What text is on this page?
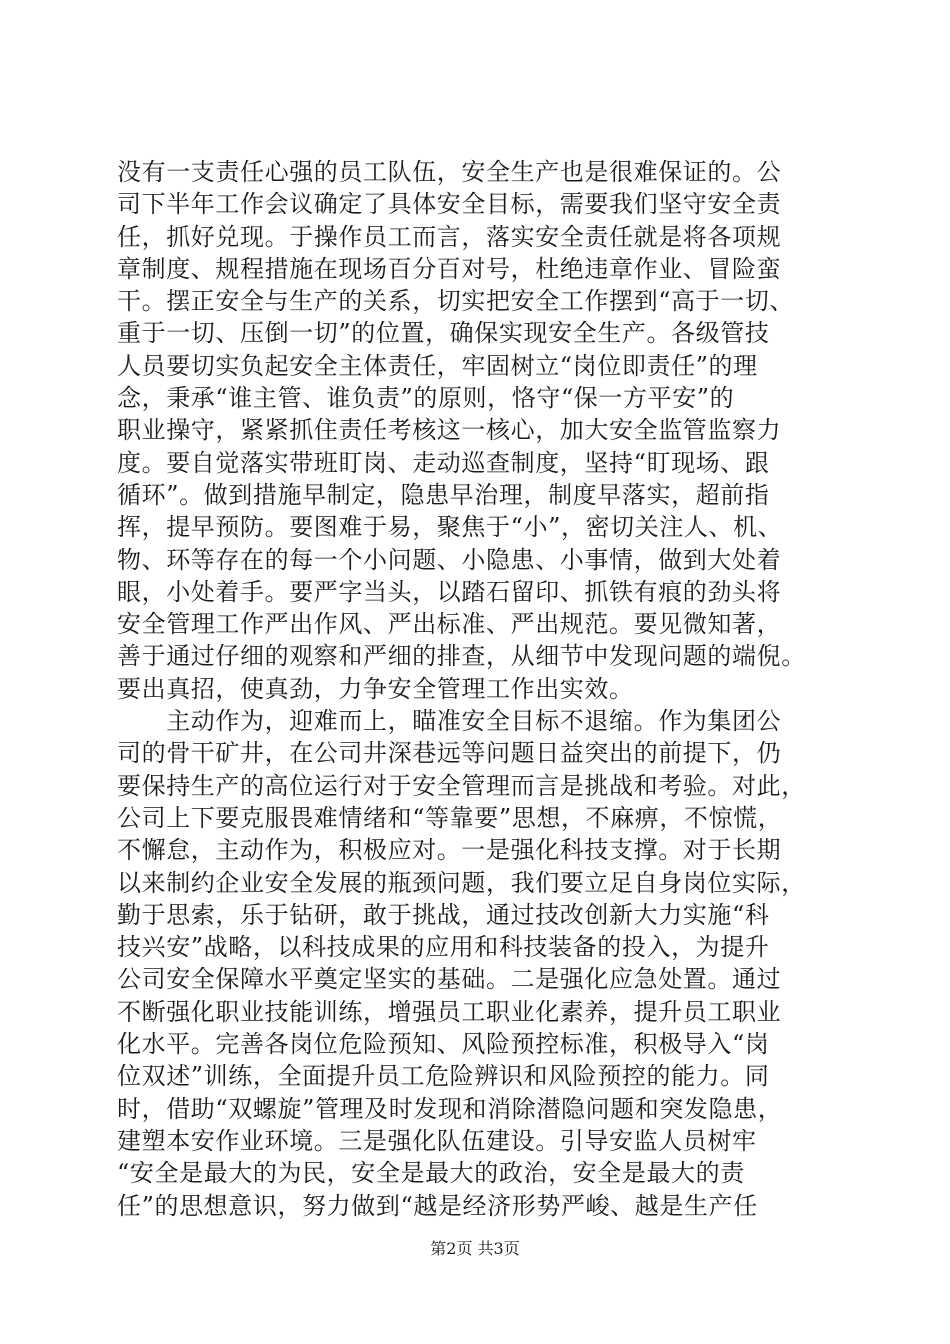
没有一支责任心强的员工队伍，安全生产也是很难保证的。公
司下半年工作会议确定了具体安全目标，需要我们坚守安全责
任，抓好兑现。于操作员工而言，落实安全责任就是将各项规
章制度、规程措施在现场百分百对号，杜绝违章作业、冒险蛮
干。摆正安全与生产的关系，切实把安全工作摆到“高于一切、
重于一切、压倒一切”的位置，确保实现安全生产。各级管技
人员要切实负起安全主体责任，牢固树立“岗位即责任”的理
念，秉承“谁主管、谁负责”的原则，恪守“保一方平安”的
职业操守，紧紧抓住责任考核这一核心，加大安全监管监察力
度。要自觉落实带班盯岗、走动巡查制度，坚持“盯现场、跟
循环”。做到措施早制定，隐患早治理，制度早落实，超前指
挥，提早预防。要图难于易，聚焦于“小”，密切关注人、机、
物、环等存在的每一个小问题、小隐患、小事情，做到大处着
眼，小处着手。要严字当头，以踏石留印、抓铁有痕的劲头将
安全管理工作严出作风、严出标准、严出规范。要见微知著，
善于通过仔细的观察和严细的排查，从细节中发现问题的端倪。
要出真招，使真劲，力争安全管理工作出实效。
　　主动作为，迎难而上，瞄准安全目标不退缩。作为集团公
司的骨干矿井，在公司井深巷远等问题日益突出的前提下，仍
要保持生产的高位运行对于安全管理而言是挑战和考验。对此，
公司上下要克服畏难情绪和“等靠要”思想，不麻痹，不惊慌，
不懈怠，主动作为，积极应对。一是强化科技支撑。对于长期
以来制约企业安全发展的瓶颈问题，我们要立足自身岗位实际，
勤于思索，乐于钻研，敢于挑战，通过技改创新大力实施“科
技兴安”战略，以科技成果的应用和科技装备的投入，为提升
公司安全保障水平奠定坚实的基础。二是强化应急处置。通过
不断强化职业技能训练，增强员工职业化素养，提升员工职业
化水平。完善各岗位危险预知、风险预控标准，积极导入“岗
位双述”训练，全面提升员工危险辨识和风险预控的能力。同
时，借助“双螺旋”管理及时发现和消除潜隐问题和突发隐患，
建塑本安作业环境。三是强化队伍建设。引导安监人员树牢
“安全是最大的为民，安全是最大的政治，安全是最大的责
任”的思想意识，努力做到“越是经济形势严峻、越是生产任
第2页 共3页
